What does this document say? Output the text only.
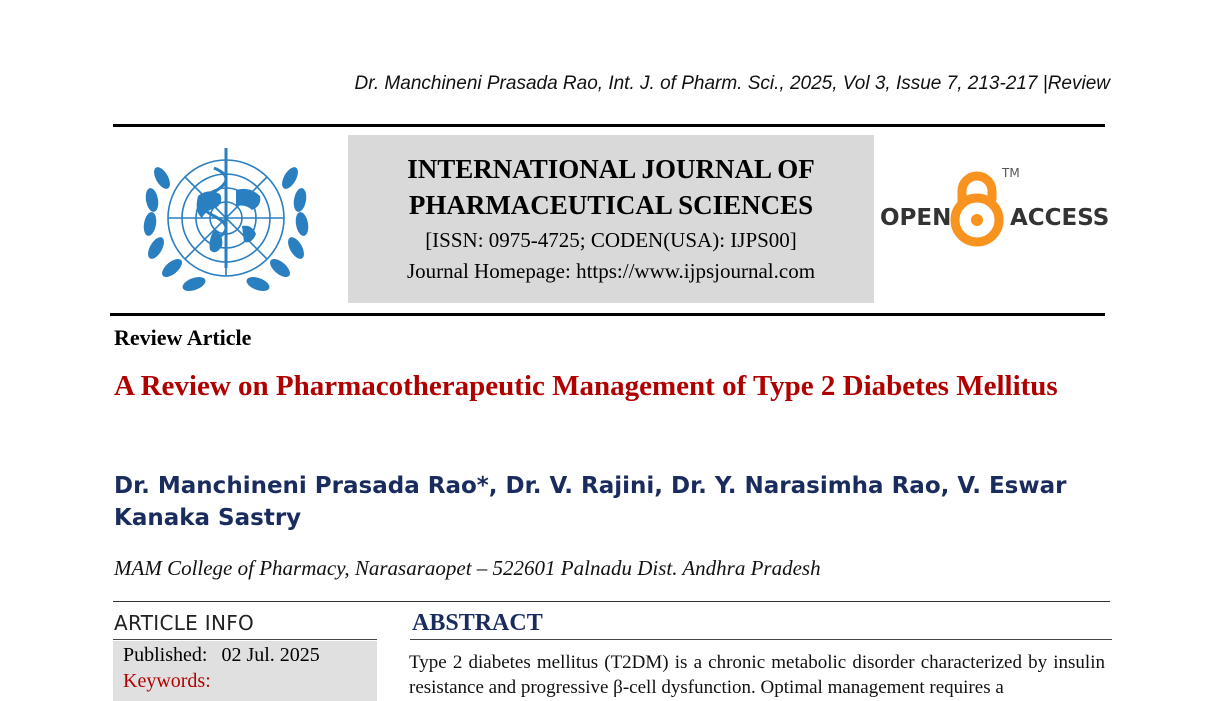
Dr. Manchineni Prasada Rao, Int. J. of Pharm. Sci., 2025, Vol 3, Issue 7, 213-217 |Review
INTERNATIONAL JOURNAL OF
PHARMACEUTICAL SCIENCES
[ISSN: 0975-4725; CODEN(USA): IJPS00]
Journal Homepage: https://www.ijpsjournal.com
OPEN
TM
ACCESS
Review Article
A Review on Pharmacotherapeutic Management of Type 2 Diabetes Mellitus
Dr. Manchineni Prasada Rao*, Dr. V. Rajini, Dr. Y. Narasimha Rao, V. Eswar Kanaka Sastry
MAM College of Pharmacy, Narasaraopet – 522601 Palnadu Dist. Andhra Pradesh
ARTICLE INFO
Published: 02 Jul. 2025
Keywords:
ABSTRACT
Type 2 diabetes mellitus (T2DM) is a chronic metabolic disorder characterized by insulin resistance and progressive β-cell dysfunction. Optimal management requires a
